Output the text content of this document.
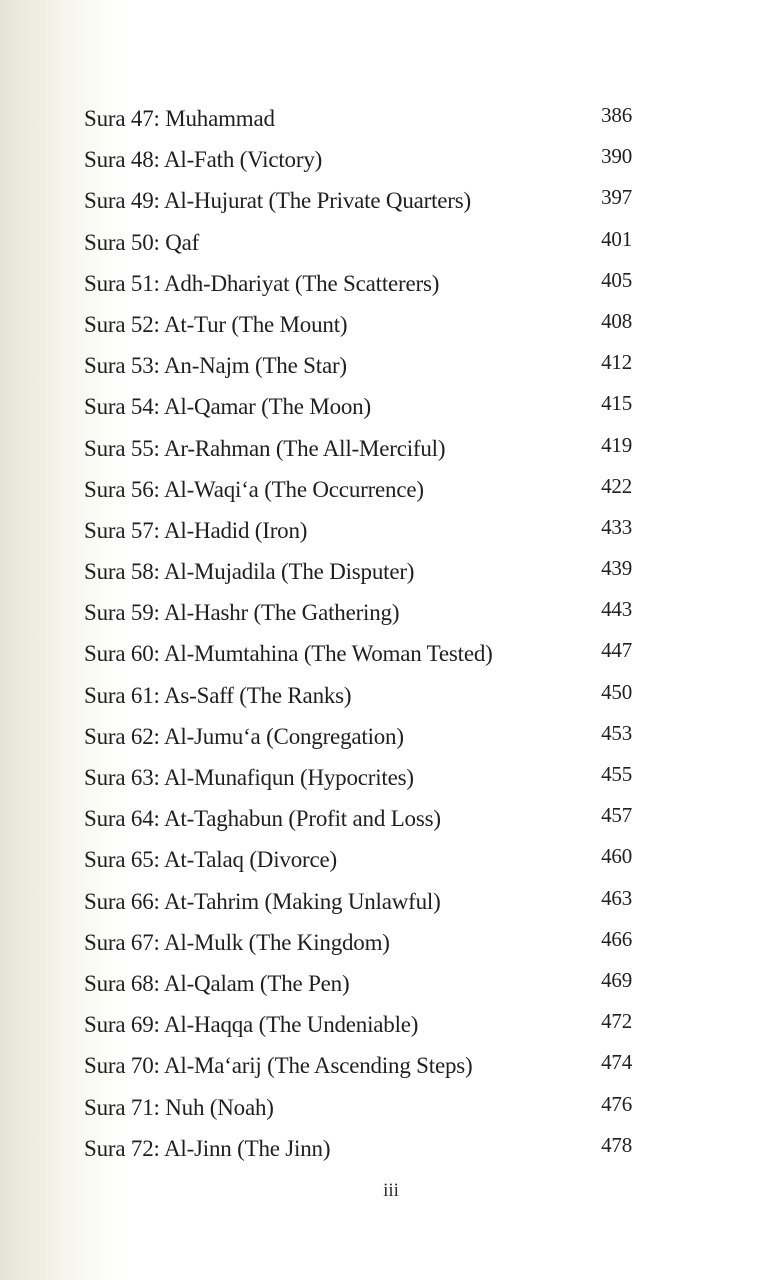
Sura 47: Muhammad	386
Sura 48: Al-Fath (Victory)	390
Sura 49: Al-Hujurat (The Private Quarters)	397
Sura 50: Qaf	401
Sura 51: Adh-Dhariyat (The Scatterers)	405
Sura 52: At-Tur (The Mount)	408
Sura 53: An-Najm (The Star)	412
Sura 54: Al-Qamar (The Moon)	415
Sura 55: Ar-Rahman (The All-Merciful)	419
Sura 56: Al-Waqi‘a (The Occurrence)	422
Sura 57: Al-Hadid (Iron)	433
Sura 58: Al-Mujadila (The Disputer)	439
Sura 59: Al-Hashr (The Gathering)	443
Sura 60: Al-Mumtahina (The Woman Tested)	447
Sura 61: As-Saff (The Ranks)	450
Sura 62: Al-Jumu‘a (Congregation)	453
Sura 63: Al-Munafiqun (Hypocrites)	455
Sura 64: At-Taghabun (Profit and Loss)	457
Sura 65: At-Talaq (Divorce)	460
Sura 66: At-Tahrim (Making Unlawful)	463
Sura 67: Al-Mulk (The Kingdom)	466
Sura 68: Al-Qalam (The Pen)	469
Sura 69: Al-Haqqa (The Undeniable)	472
Sura 70: Al-Ma‘arij (The Ascending Steps)	474
Sura 71: Nuh (Noah)	476
Sura 72: Al-Jinn (The Jinn)	478
iii
